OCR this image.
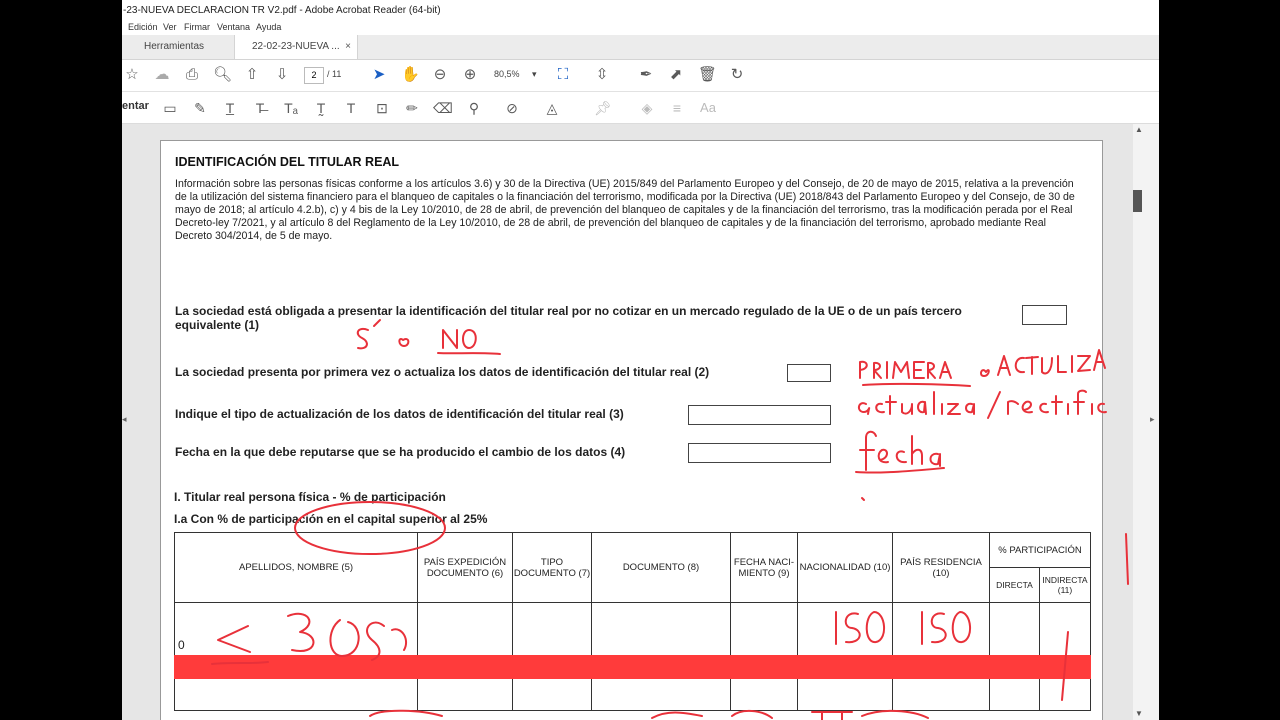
-23-NUEVA DECLARACION TR V2.pdf - Adobe Acrobat Reader (64-bit)
Edición Ver Firmar Ventana Ayuda
Herramientas	22-02-23-NUEVA ... ×
☆ ☁ ⎙ 🔍︎ ⇧ ⇩	➤ ✋ ⊖ ⊕	⛶ ⇳ ✒ ⬈ 🗑︎ ↻
2	/ 11	80,5% ▾
entar ▭ ✎	T̲	T̶	Tₐ	T̰	T	⊡ ✏ ⌫ ⚲ ⊘ ◬	📌︎ ◈	≡	Aa
IDENTIFICACIÓN DEL TITULAR REAL
Información sobre las personas físicas conforme a los artículos 3.6) y 30 de la Directiva (UE) 2015/849 del Parlamento Europeo y del Consejo, de 20 de mayo de 2015, relativa a la prevención de la utilización del sistema financiero para el blanqueo de capitales o la financiación del terrorismo, modificada por la Directiva (UE) 2018/843 del Parlamento Europeo y del Consejo, de 30 de mayo de 2018; al artículo 4.2.b), c) y 4 bis de la Ley 10/2010, de 28 de abril, de prevención del blanqueo de capitales y de la financiación del terrorismo, tras la modificación perada por el Real Decreto-ley 7/2021, y al artículo 8 del Reglamento de la Ley 10/2010, de 28 de abril, de prevención del blanqueo de capitales y de la financiación del terrorismo, aprobado mediante Real Decreto 304/2014, de 5 de mayo.
La sociedad está obligada a presentar la identificación del titular real por no cotizar en un mercado regulado de la UE o de un país tercero equivalente (1)
La sociedad presenta por primera vez o actualiza los datos de identificación del titular real (2)
Indique el tipo de actualización de los datos de identificación del titular real (3)
Fecha en la que debe reputarse que se ha producido el cambio de los datos (4)
I. Titular real persona física - % de participación
I.a Con % de participación en el capital superior al 25%
APELLIDOS, NOMBRE (5)	PAÍS EXPEDICIÓN DOCUMENTO (6)	TIPO DOCUMENTO (7)	DOCUMENTO (8)	FECHA NACI-MIENTO (9)	NACIONALIDAD (10)	PAÍS RESIDENCIA (10)	% PARTICIPACIÓN	
							DIRECTA	INDIRECTA (11)
0								

▲
▼
◂	▸
